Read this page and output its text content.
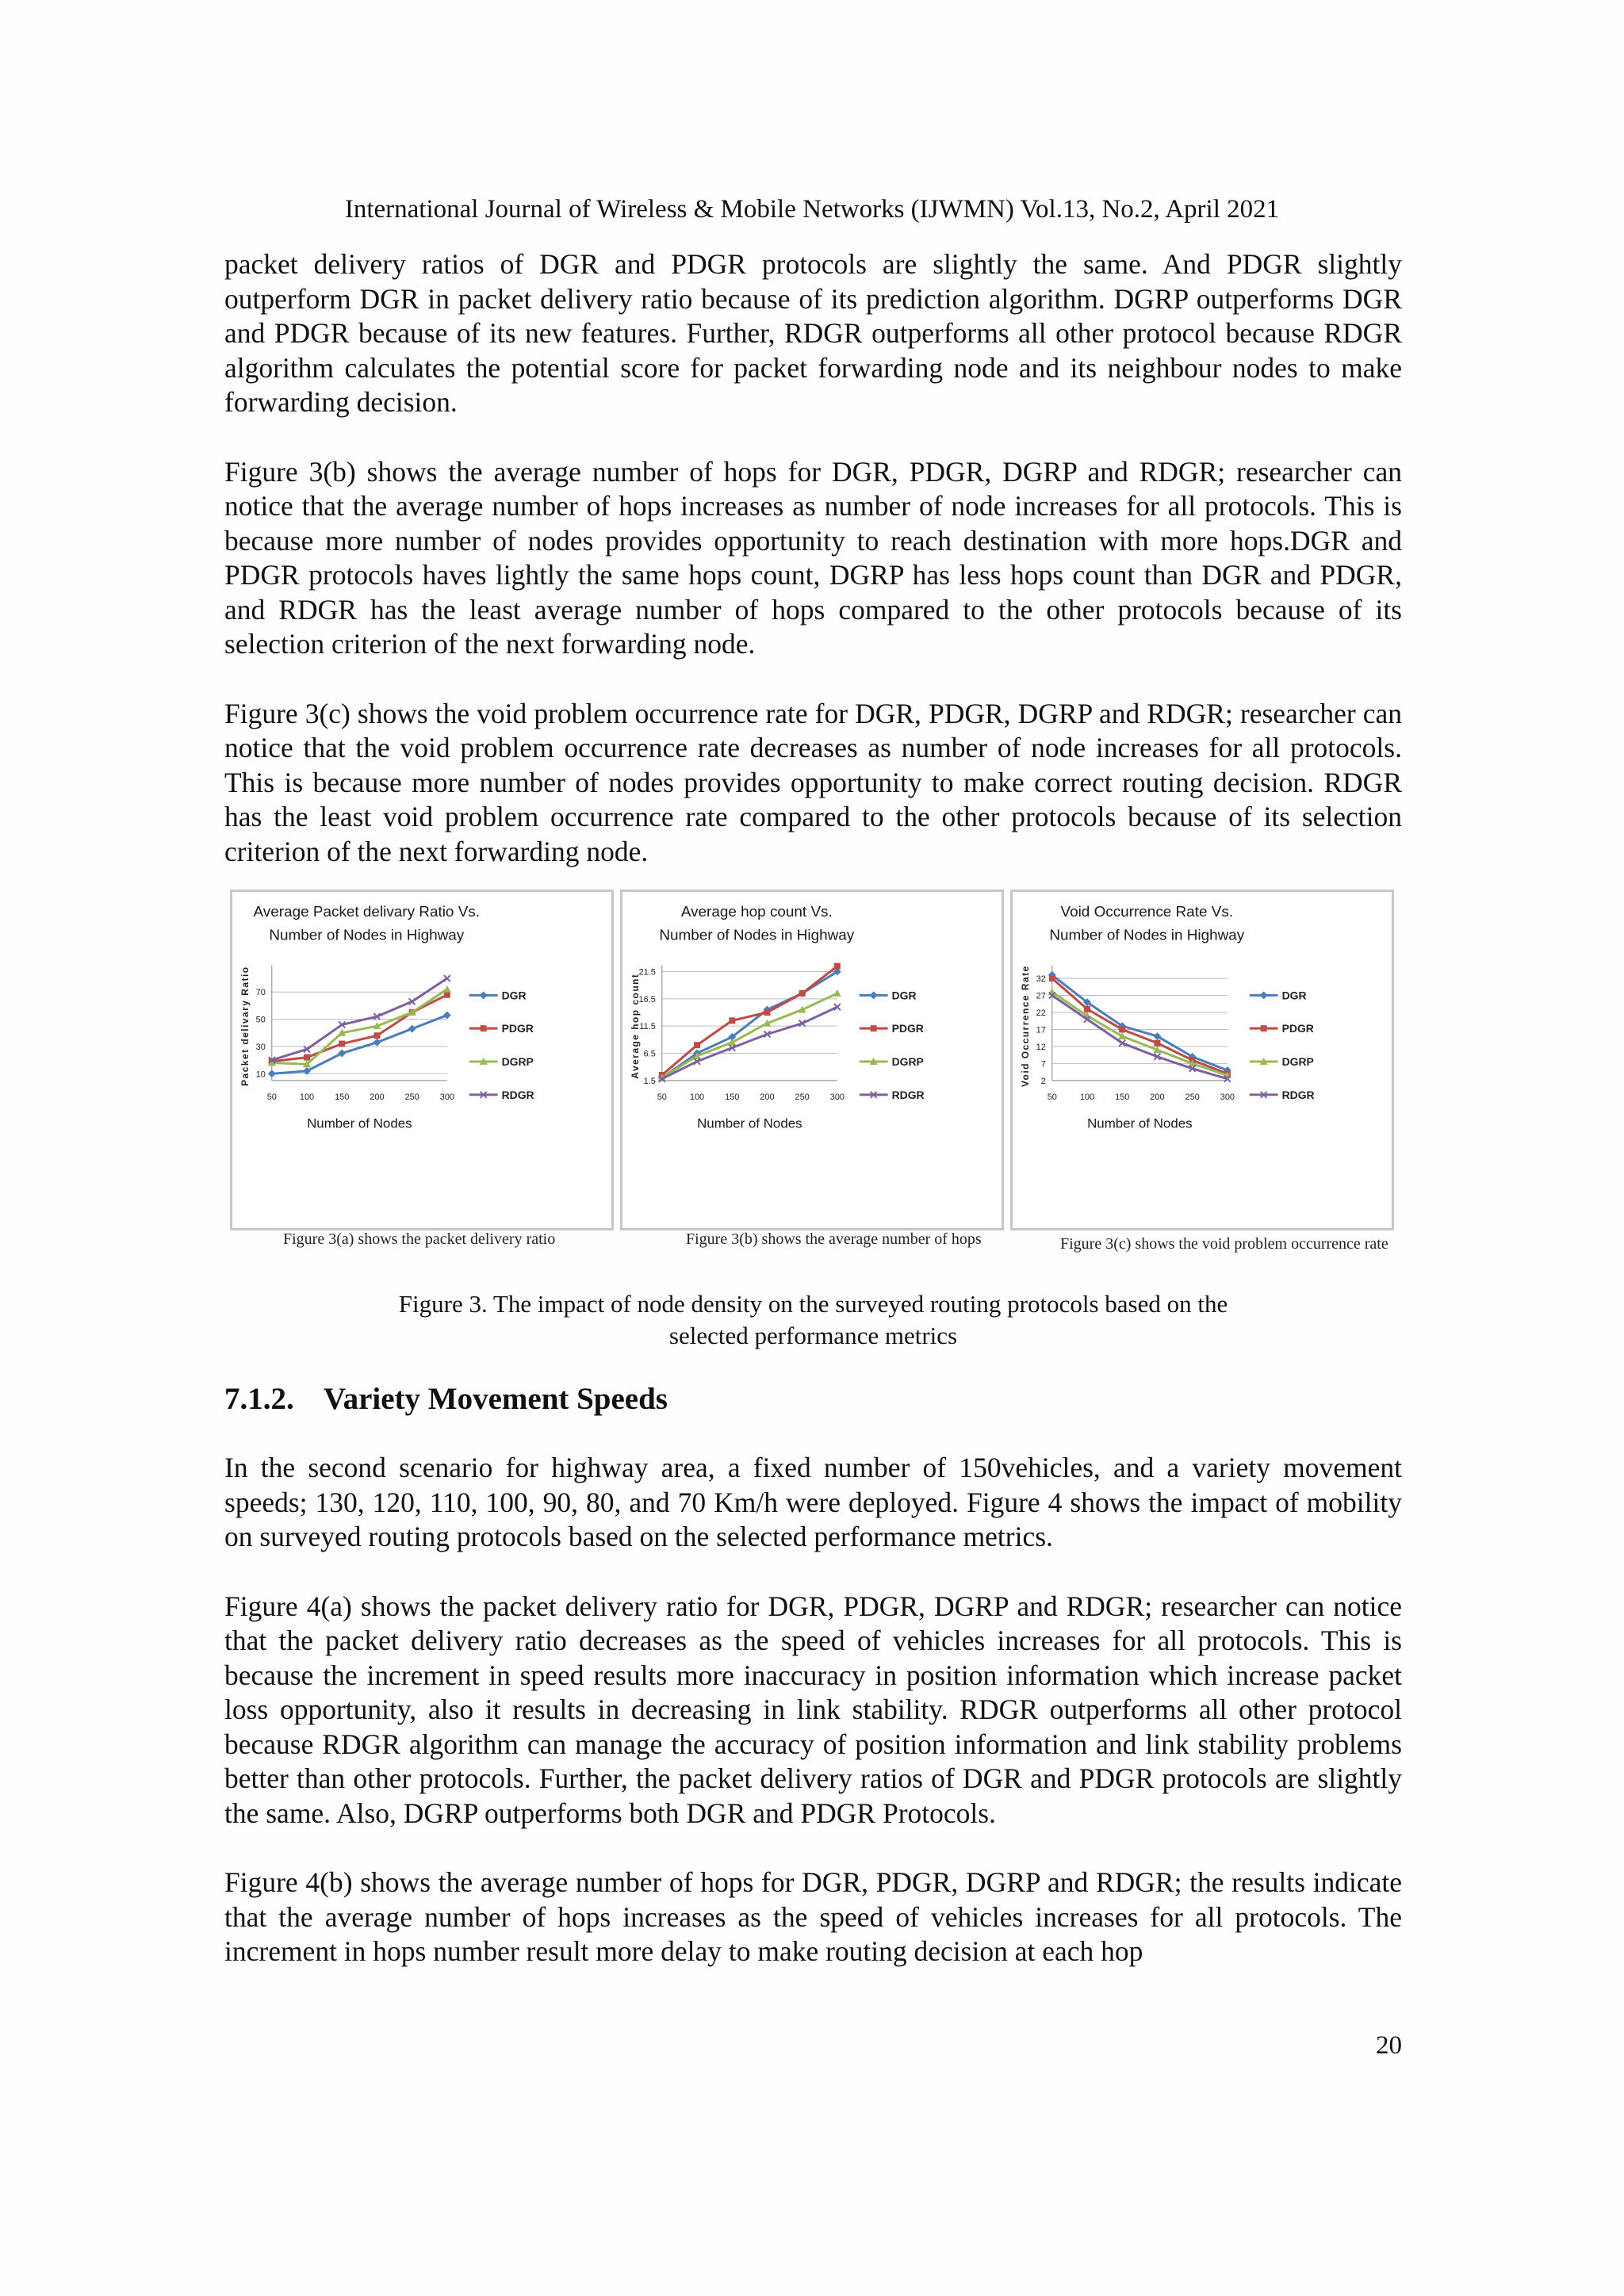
International Journal of Wireless & Mobile Networks (IJWMN) Vol.13, No.2, April 2021

packet delivery ratios of DGR and PDGR protocols are slightly the same. And PDGR slightly outperform DGR in packet delivery ratio because of its prediction algorithm. DGRP outperforms DGR and PDGR because of its new features. Further, RDGR outperforms all other protocol because RDGR algorithm calculates the potential score for packet forwarding node and its neighbour nodes to make forwarding decision.

Figure 3(b) shows the average number of hops for DGR, PDGR, DGRP and RDGR; researcher can notice that the average number of hops increases as number of node increases for all protocols. This is because more number of nodes provides opportunity to reach destination with more hops.DGR and PDGR protocols haves lightly the same hops count, DGRP has less hops count than DGR and PDGR, and RDGR has the least average number of hops compared to the other protocols because of its selection criterion of the next forwarding node.

Figure 3(c) shows the void problem occurrence rate for DGR, PDGR, DGRP and RDGR; researcher can notice that the void problem occurrence rate decreases as number of node increases for all protocols. This is because more number of nodes provides opportunity to make correct routing decision. RDGR has the least void problem occurrence rate compared to the other protocols because of its selection criterion of the next forwarding node.

Average Packet delivary Ratio Vs.
Number of Nodes in Highway
10
30
50
70
50	100 150 200 250 300
Number of Nodes
Packet delivary Ratio	DGR
PDGR
DGRP
RDGR
Average hop count Vs.
Number of Nodes in Highway
1.5
6.5
11.5
16.5
21.5
50	100 150 200 250 300
Number of Nodes
Average hop count	DGR
PDGR
DGRP
RDGR
Void Occurrence Rate Vs.
Number of Nodes in Highway
2
7
12
17
22
27
32
50	100 150 200 250 300
Number of Nodes
Void Occurrence Rate	DGR
PDGR
DGRP
RDGR
Figure 3(a) shows the packet delivery ratio	Figure 3(b) shows the average number of hops	Figure 3(c) shows the void problem occurrence rate
Figure 3. The impact of node density on the surveyed routing protocols based on the
selected performance metrics
7.1.2. Variety Movement Speeds

In the second scenario for highway area, a fixed number of 150vehicles, and a variety movement speeds; 130, 120, 110, 100, 90, 80, and 70 Km/h were deployed. Figure 4 shows the impact of mobility on surveyed routing protocols based on the selected performance metrics.

Figure 4(a) shows the packet delivery ratio for DGR, PDGR, DGRP and RDGR; researcher can notice that the packet delivery ratio decreases as the speed of vehicles increases for all protocols. This is because the increment in speed results more inaccuracy in position information which increase packet loss opportunity, also it results in decreasing in link stability. RDGR outperforms all other protocol because RDGR algorithm can manage the accuracy of position information and link stability problems better than other protocols. Further, the packet delivery ratios of DGR and PDGR protocols are slightly the same. Also, DGRP outperforms both DGR and PDGR Protocols.

Figure 4(b) shows the average number of hops for DGR, PDGR, DGRP and RDGR; the results indicate that the average number of hops increases as the speed of vehicles increases for all protocols. The increment in hops number result more delay to make routing decision at each hop

20
